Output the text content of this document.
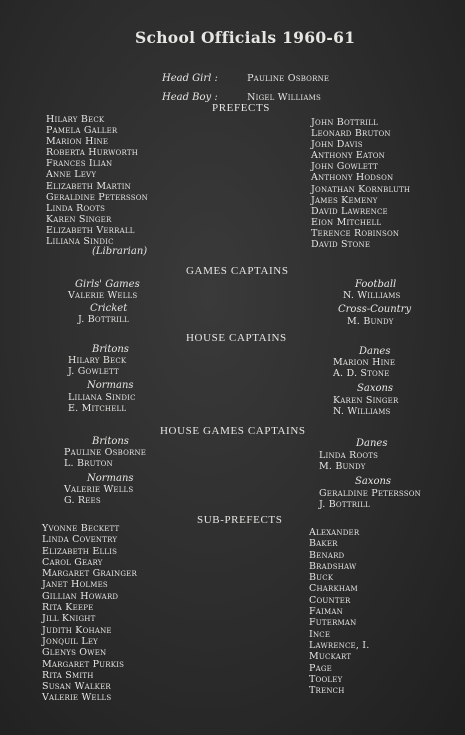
School Officials 1960-61
Head Girl :	Pauline Osborne
Head Boy :	Nigel Williams
PREFECTS
Hilary Beck
Pamela Galler
Marion Hine
Roberta Hurworth
Frances Ilian
Anne Levy
Elizabeth Martin
Geraldine Petersson
Linda Roots
Karen Singer
Elizabeth Verrall
Liliana Sindic
(Librarian)
John Bottrill
Leonard Bruton
John Davis
Anthony Eaton
John Gowlett
Anthony Hodson
Jonathan Kornbluth
James Kemeny
David Lawrence
Eion Mitchell
Terence Robinson
David Stone
GAMES CAPTAINS
Girls' Games
Valerie Wells
Cricket
J. Bottrill
Football
N. Williams
Cross-Country
M. Bundy
HOUSE CAPTAINS
Britons
Hilary Beck
J. Gowlett
Normans
Liliana Sindic
E. Mitchell
Danes
Marion Hine
A. D. Stone
Saxons
Karen Singer
N. Williams
HOUSE GAMES CAPTAINS
Britons
Pauline Osborne
L. Bruton
Normans
Valerie Wells
G. Rees
Danes
Linda Roots
M. Bundy
Saxons
Geraldine Petersson
J. Bottrill
SUB-PREFECTS
Yvonne Beckett
Linda Coventry
Elizabeth Ellis
Carol Geary
Margaret Grainger
Janet Holmes
Gillian Howard
Rita Keepe
Jill Knight
Judith Kohane
Jonquil Ley
Glenys Owen
Margaret Purkis
Rita Smith
Susan Walker
Valerie Wells
Alexander
Baker
Benard
Bradshaw
Buck
Charkham
Counter
Faiman
Futerman
Ince
Lawrence, I.
Muckart
Page
Tooley
Trench
